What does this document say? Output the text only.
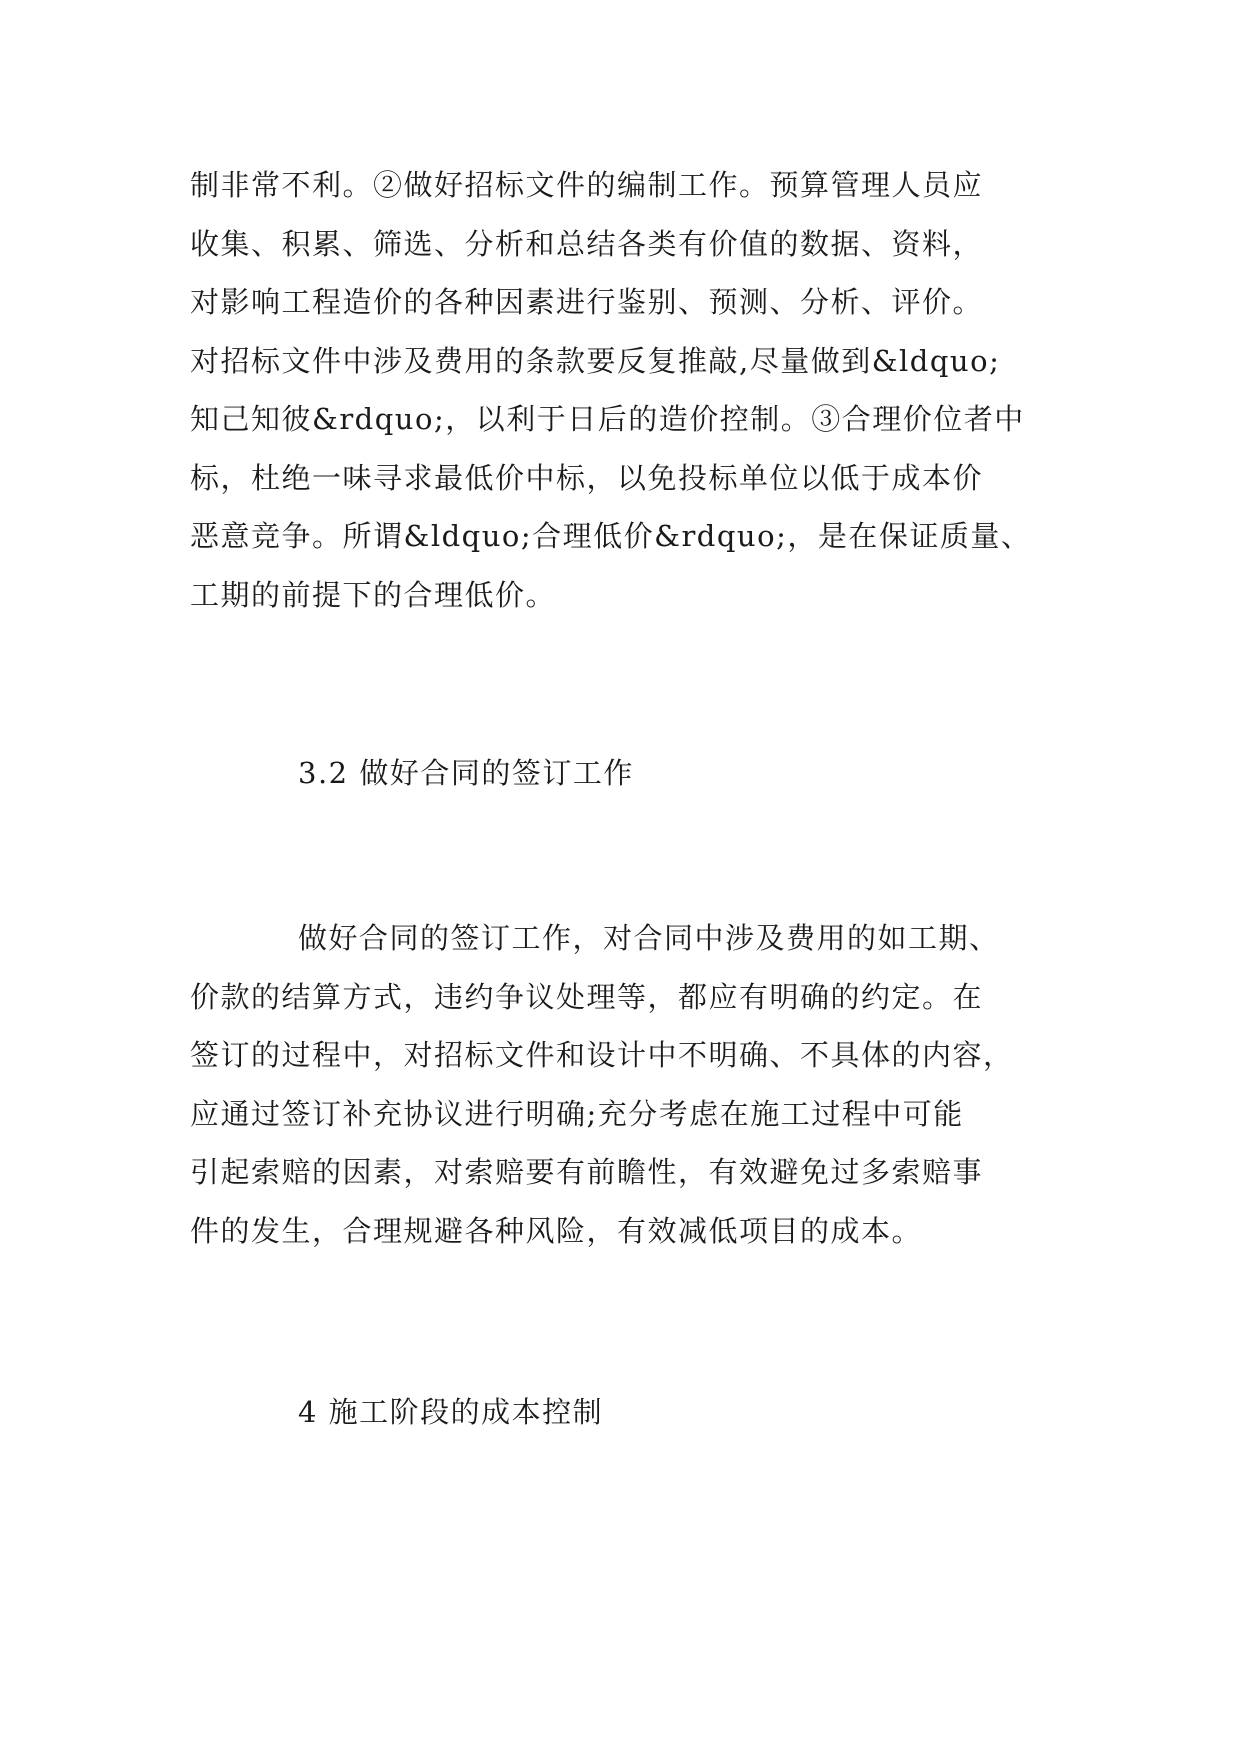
制非常不利。②做好招标文件的编制工作。预算管理人员应
收集、积累、筛选、分析和总结各类有价值的数据、资料，
对影响工程造价的各种因素进行鉴别、预测、分析、评价。
对招标文件中涉及费用的条款要反复推敲,尽量做到&ldquo;
知己知彼&rdquo;，以利于日后的造价控制。③合理价位者中
标，杜绝一味寻求最低价中标，以免投标单位以低于成本价
恶意竞争。所谓&ldquo;合理低价&rdquo;，是在保证质量、
工期的前提下的合理低价。
3.2 做好合同的签订工作
做好合同的签订工作，对合同中涉及费用的如工期、
价款的结算方式，违约争议处理等，都应有明确的约定。在
签订的过程中，对招标文件和设计中不明确、不具体的内容，
应通过签订补充协议进行明确;充分考虑在施工过程中可能
引起索赔的因素，对索赔要有前瞻性，有效避免过多索赔事
件的发生，合理规避各种风险，有效减低项目的成本。
4 施工阶段的成本控制
